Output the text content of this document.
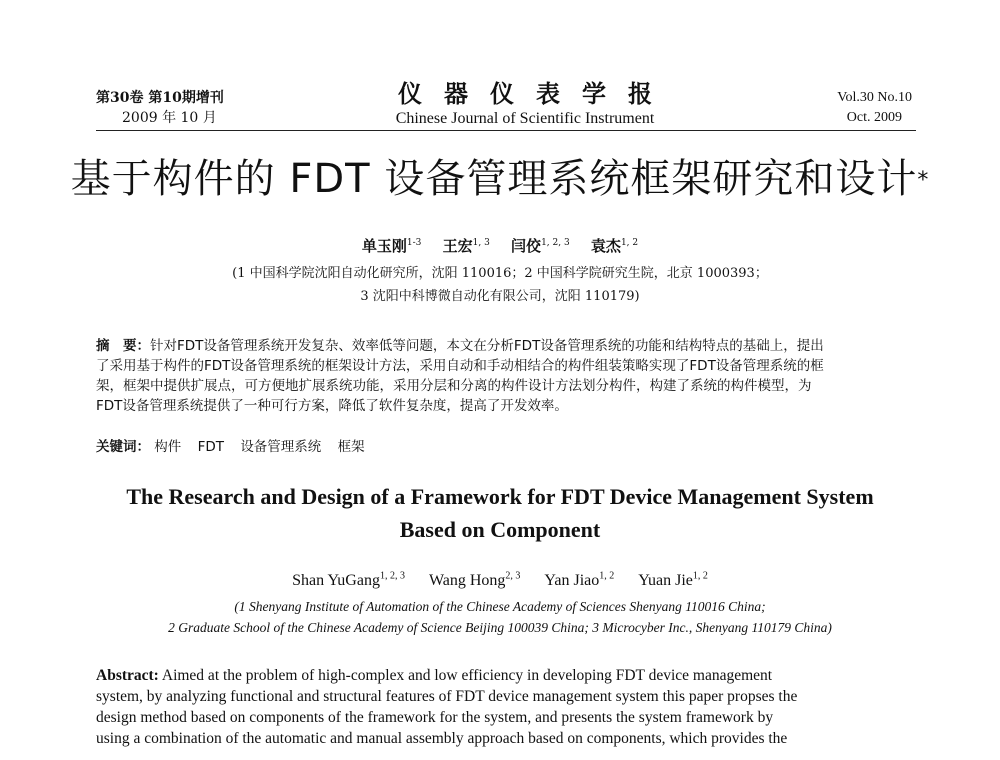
第30卷 第10期增刊
2009 年 10 月
仪器仪表学报
Chinese Journal of Scientific Instrument
Vol.30 No.10
Oct. 2009
基于构件的 FDT 设备管理系统框架研究和设计*
单玉刚$^{1-3}$ 王宏$^{1, 3}$ 闫佼$^{1, 2, 3}$ 袁杰$^{1, 2}$
(1 中国科学院沈阳自动化研究所，沈阳 110016；2 中国科学院研究生院，北京 1000393；
3 沈阳中科博微自动化有限公司，沈阳 110179)
摘　要：针对FDT设备管理系统开发复杂、效率低等问题，本文在分析FDT设备管理系统的功能和结构特点的基础上，提出
了采用基于构件的FDT设备管理系统的框架设计方法，采用自动和手动相结合的构件组装策略实现了FDT设备管理系统的框
架，框架中提供扩展点，可方便地扩展系统功能，采用分层和分离的构件设计方法划分构件，构建了系统的构件模型，为
FDT设备管理系统提供了一种可行方案，降低了软件复杂度，提高了开发效率。
关键词： 构件 FDT 设备管理系统 框架
The Research and Design of a Framework for FDT Device Management System
Based on Component
Shan YuGang$^{1, 2, 3}$ Wang Hong$^{2, 3}$ Yan Jiao$^{1, 2}$ Yuan Jie$^{1, 2}$
(1 Shenyang Institute of Automation of the Chinese Academy of Sciences Shenyang 110016 China;
2 Graduate School of the Chinese Academy of Science Beijing 100039 China; 3 Microcyber Inc., Shenyang 110179 China)
Abstract: Aimed at the problem of high-complex and low efficiency in developing FDT device management
system, by analyzing functional and structural features of FDT device management system this paper propses the
design method based on components of the framework for the system, and presents the system framework by
using a combination of the automatic and manual assembly approach based on components, which provides the
